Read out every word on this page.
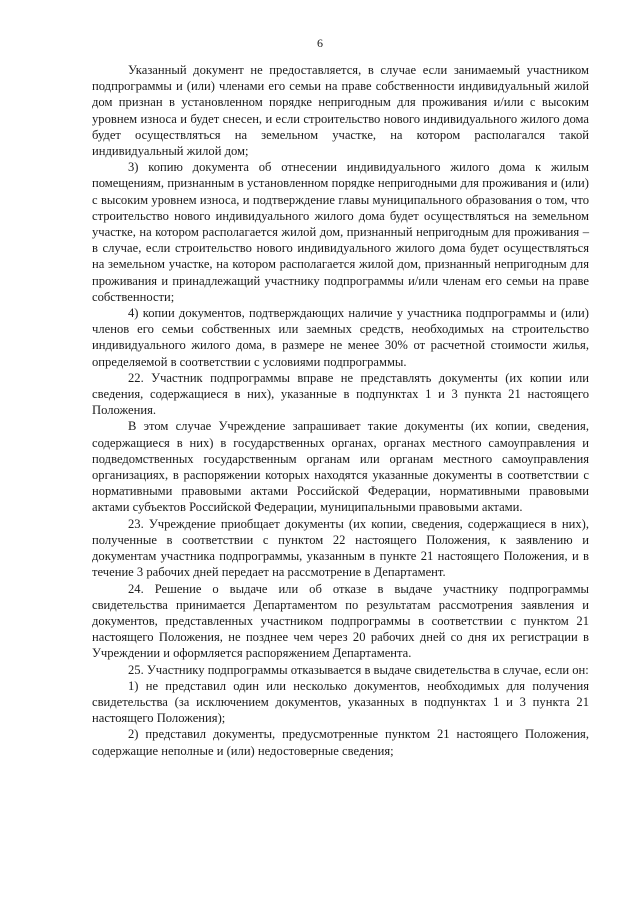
6

Указанный документ не предоставляется, в случае если занимаемый участником подпрограммы и (или) членами его семьи на праве собственности индивидуальный жилой дом признан в установленном порядке непригодным для проживания и/или с высоким уровнем износа и будет снесен, и если строительство нового индивидуального жилого дома будет осуществляться на земельном участке, на котором располагался такой индивидуальный жилой дом;

3) копию документа об отнесении индивидуального жилого дома к жилым помещениям, признанным в установленном порядке непригодными для проживания и (или) с высоким уровнем износа, и подтверждение главы муниципального образования о том, что строительство нового индивидуального жилого дома будет осуществляться на земельном участке, на котором располагается жилой дом, признанный непригодным для проживания – в случае, если строительство нового индивидуального жилого дома будет осуществляться на земельном участке, на котором располагается жилой дом, признанный непригодным для проживания и принадлежащий участнику подпрограммы и/или членам его семьи на праве собственности;

4) копии документов, подтверждающих наличие у участника подпрограммы и (или) членов его семьи собственных или заемных средств, необходимых на строительство индивидуального жилого дома, в размере не менее 30% от расчетной стоимости жилья, определяемой в соответствии с условиями подпрограммы.

22. Участник подпрограммы вправе не представлять документы (их копии или сведения, содержащиеся в них), указанные в подпунктах 1 и 3 пункта 21 настоящего Положения.

В этом случае Учреждение запрашивает такие документы (их копии, сведения, содержащиеся в них) в государственных органах, органах местного самоуправления и подведомственных государственным органам или органам местного самоуправления организациях, в распоряжении которых находятся указанные документы в соответствии с нормативными правовыми актами Российской Федерации, нормативными правовыми актами субъектов Российской Федерации, муниципальными правовыми актами.

23. Учреждение приобщает документы (их копии, сведения, содержащиеся в них), полученные в соответствии с пунктом 22 настоящего Положения, к заявлению и документам участника подпрограммы, указанным в пункте 21 настоящего Положения, и в течение 3 рабочих дней передает на рассмотрение в Департамент.

24. Решение о выдаче или об отказе в выдаче участнику подпрограммы свидетельства принимается Департаментом по результатам рассмотрения заявления и документов, представленных участником подпрограммы в соответствии с пунктом 21 настоящего Положения, не позднее чем через 20 рабочих дней со дня их регистрации в Учреждении и оформляется распоряжением Департамента.

25. Участнику подпрограммы отказывается в выдаче свидетельства в случае, если он:

1) не представил один или несколько документов, необходимых для получения свидетельства (за исключением документов, указанных в подпунктах 1 и 3 пункта 21 настоящего Положения);

2) представил документы, предусмотренные пунктом 21 настоящего Положения, содержащие неполные и (или) недостоверные сведения;
